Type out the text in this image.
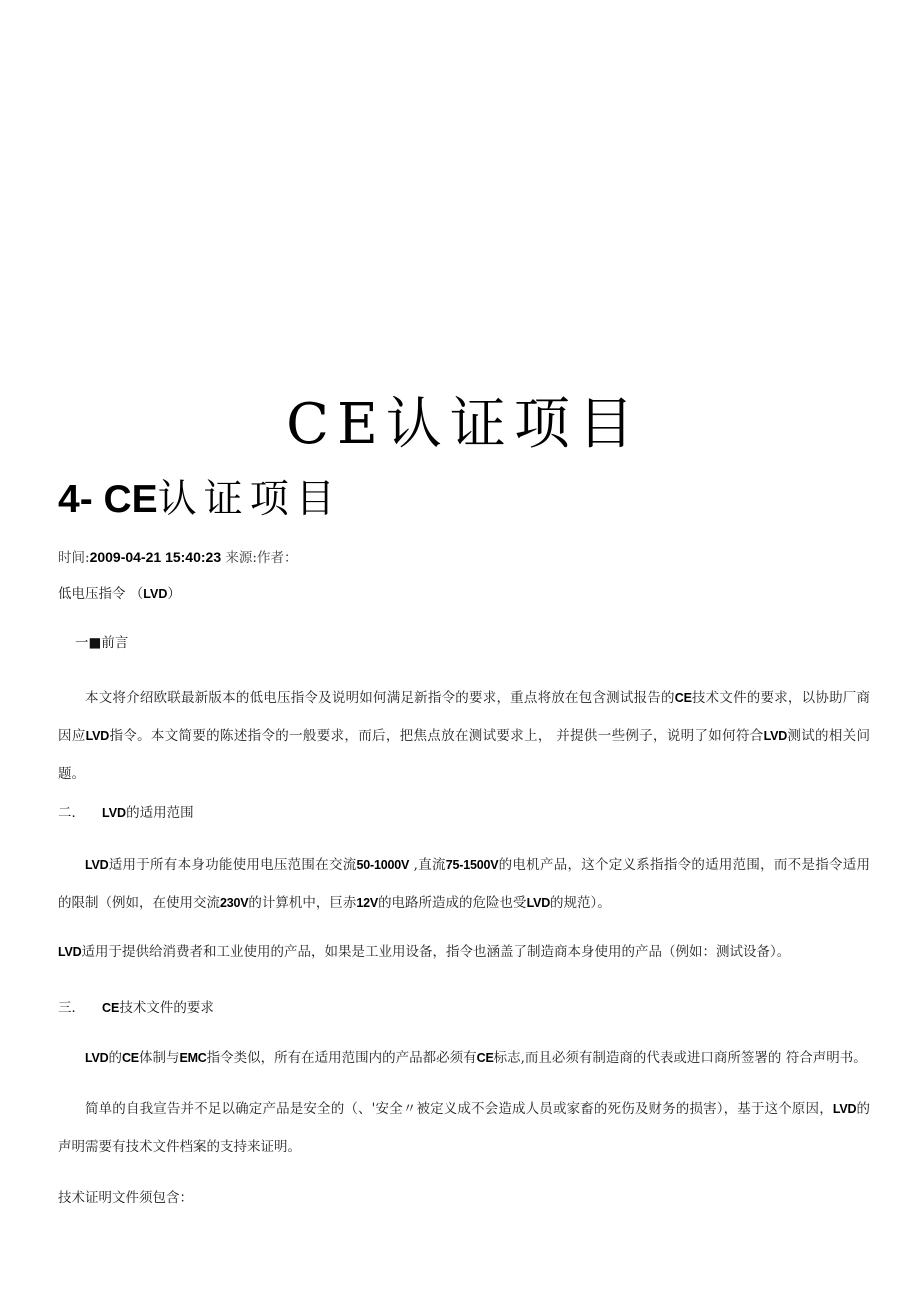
CE认证项目
4- CE认证项目

时间:2009-04-21 15:40:23 来源:作者：

低电压指令 （LVD）

一■前言

本文将介绍欧联最新版本的低电压指令及说明如何满足新指令的要求，重点将放在包含测试报告的CE技术文件的要求，以协助厂商因应LVD指令。本文简要的陈述指令的一般要求，而后，把焦点放在测试要求上， 并提供一些例子，说明了如何符合LVD测试的相关问题。

二． LVD的适用范围

LVD适用于所有本身功能使用电压范围在交流50-1000V ,直流75-1500V的电机产品，这个定义系指指令的适用范围，而不是指令适用的限制（例如，在使用交流230V的计算机中，巨赤12V的电路所造成的危险也受LVD的规范）。

LVD适用于提供给消费者和工业使用的产品，如果是工业用设备，指令也涵盖了制造商本身使用的产品（例如：测试设备）。

三． CE技术文件的要求

LVD的CE体制与EMC指令类似，所有在适用范围内的产品都必须有CE标志,而且必须有制造商的代表或进口商所签署的 符合声明书。

简单的自我宣告并不足以确定产品是安全的（、'安全〃被定义成不会造成人员或家畜的死伤及财务的损害），基于这个原因，LVD的声明需要有技术文件档案的支持来证明。

技术证明文件须包含：
